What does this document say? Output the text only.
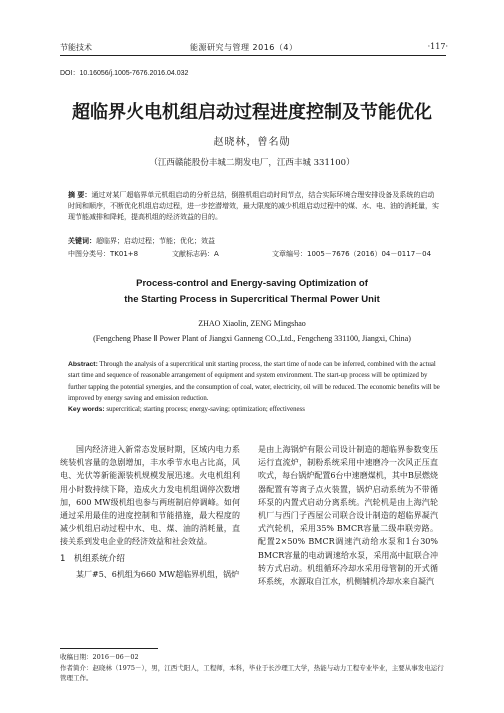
节能技术	能源研究与管理 2016（4）	·117·
DOI：10.16056/j.1005-7676.2016.04.032
超临界火电机组启动过程进度控制及节能优化
赵晓林，曾名勋
（江西赣能股份丰城二期发电厂，江西丰城 331100）
摘 要：通过对某厂超临界单元机组启动的分析总结，倒推机组启动时间节点，结合实际环境合理安排设备及系统的启动时间和顺序，不断优化机组启动过程，进一步挖潜增效，最大限度的减少机组启动过程中的煤、水、电、油的消耗量，实现节能减排和降耗，提高机组的经济效益的目的。
关键词：超临界；启动过程；节能；优化；效益
中图分类号：TK01+8	文献标志码：A	文章编号：1005－7676（2016）04－0117－04
Process-control and Energy-saving Optimization of
the Starting Process in Supercritical Thermal Power Unit
ZHAO Xiaolin, ZENG Mingshao
(Fengcheng Phase Ⅱ Power Plant of Jiangxi Ganneng CO.,Ltd., Fengcheng 331100, Jiangxi, China)
Abstract: Through the analysis of a supercritical unit starting process, the start time of node can be inferred, combined with the actual start time and sequence of reasonable arrangement of equipment and system environment. The start-up process will be optimized by further tapping the potential synergies, and the consumption of coal, water, electricity, oil will be reduced. The economic benefits will be improved by energy saving and emission reduction.
Key words: supercritical; starting process; energy-saving; optimization; effectiveness

国内经济进入新常态发展时期，区域内电力系统装机容量的急剧增加，丰水季节水电占比高，风电、光伏等新能源装机规模发展迅速。火电机组利用小时数持续下降，造成火力发电机组调停次数增加，600 MW级机组也参与两班制启停调峰。如何通过采用最佳的进度控制和节能措施，最大程度的减少机组启动过程中水、电、煤、油的消耗量，直接关系到发电企业的经济效益和社会效益。

1　机组系统介绍

某厂#5、6机组为660 MW超临界机组，锅炉

是由上海锅炉有限公司设计制造的超临界参数变压运行直流炉，制粉系统采用中速磨冷一次风正压直吹式，每台锅炉配置6台中速磨煤机，其中B层燃烧器配置有等离子点火装置，锅炉启动系统为不带循环泵的内置式启动分离系统。汽轮机是由上海汽轮机厂与西门子西屋公司联合设计制造的超临界凝汽式汽轮机，采用35% BMCR容量二级串联旁路。配置2×50% BMCR调速汽动给水泵和1台30% BMCR容量的电动调速给水泵，采用高中缸联合冲转方式启动。机组循环冷却水采用母管制的开式循环系统，水源取自江水，机侧辅机冷却水来自凝汽

收稿日期：2016－06－02
作者简介：赵晓林（1975－），男，江西弋阳人，工程师，本科，毕业于长沙理工大学，热能与动力工程专业毕业，主要从事发电运行管理工作。
